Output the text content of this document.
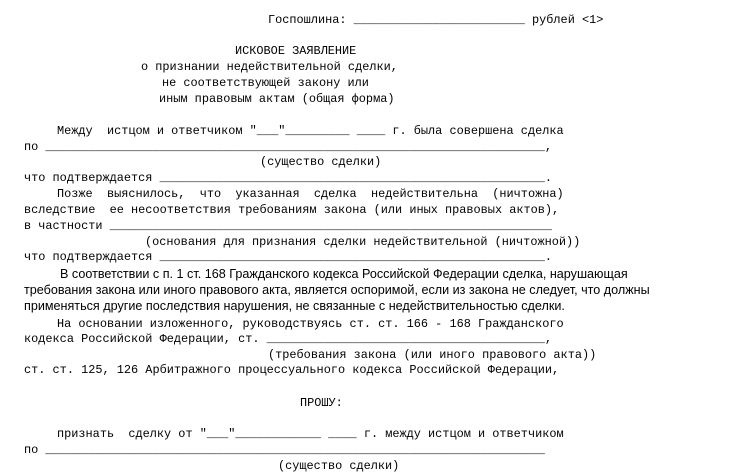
Госпошлина: ________________________ рублей <1>
ИСКОВОЕ ЗАЯВЛЕНИЕ
о признании недействительной сделки,
не соответствующей закону или
иным правовым актам (общая форма)
Между  истцом и ответчиком "___"_________ ____ г. была совершена сделка
по ______________________________________________________________________,
(существо сделки)
что подтверждается ______________________________________________________.
Позже  выяснилось,  что  указанная  сделка  недействительна  (ничтожна)
вследствие  ее несоответствия требованиям закона (или иных правовых актов),
в частности ______________________________________________________________
(основания для признания сделки недействительной (ничтожной))
что подтверждается ______________________________________________________.
В соответствии с п. 1 ст. 168 Гражданского кодекса Российской Федерации сделка, нарушающая
требования закона или иного правового акта, является оспоримой, если из закона не следует, что должны
применяться другие последствия нарушения, не связанные с недействительностью сделки.
На основании изложенного, руководствуясь ст. ст. 166 - 168 Гражданского
кодекса Российской Федерации, ст. _______________________________________,
(требования закона (или иного правового акта))
ст. ст. 125, 126 Арбитражного процессуального кодекса Российской Федерации,
ПРОШУ:
признать  сделку от "___"____________ ____ г. между истцом и ответчиком
по ______________________________________________________________________
(существо сделки)
